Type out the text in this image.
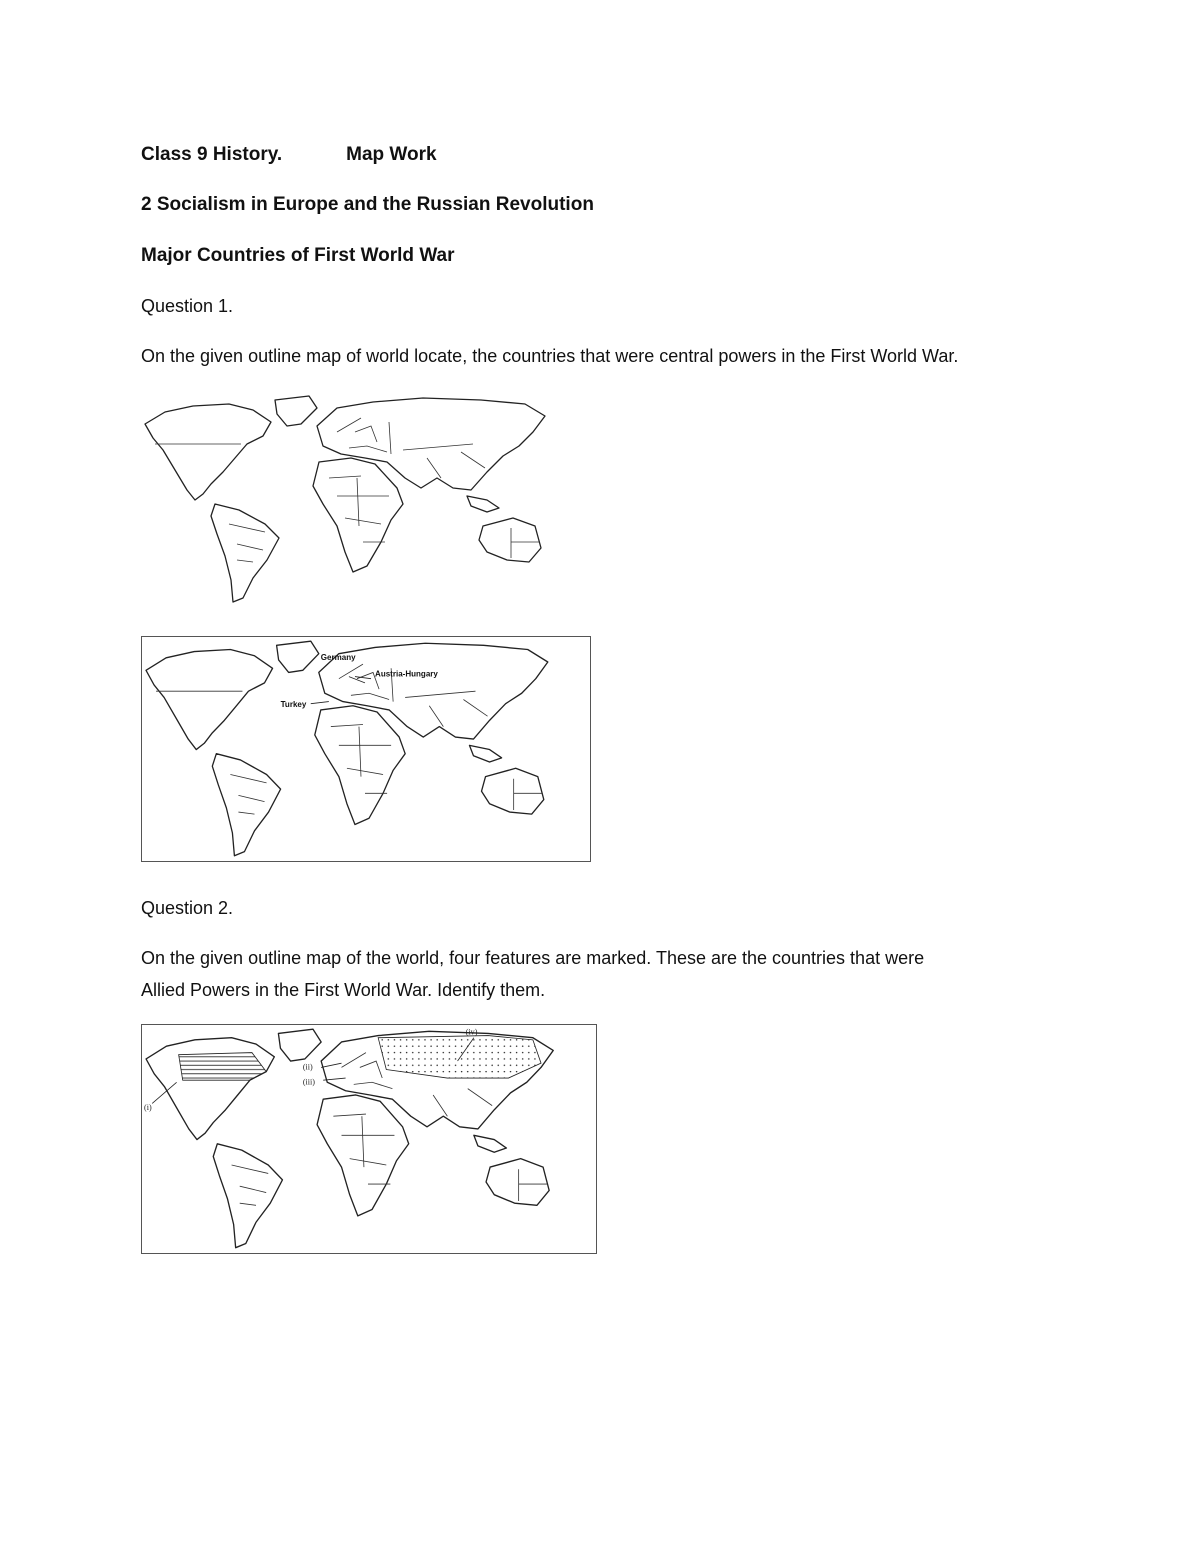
Class 9 History.	Map Work
2 Socialism in Europe and the Russian Revolution
Major Countries of First World War
Question 1.
On the given outline map of world locate, the countries that were central powers in the First World War.
Germany
Austria-Hungary
Turkey
Question 2.
On the given outline map of the world, four features are marked. These are the countries that were
Allied Powers in the First World War. Identify them.
(i)
(ii)
(iii)
(iv)
